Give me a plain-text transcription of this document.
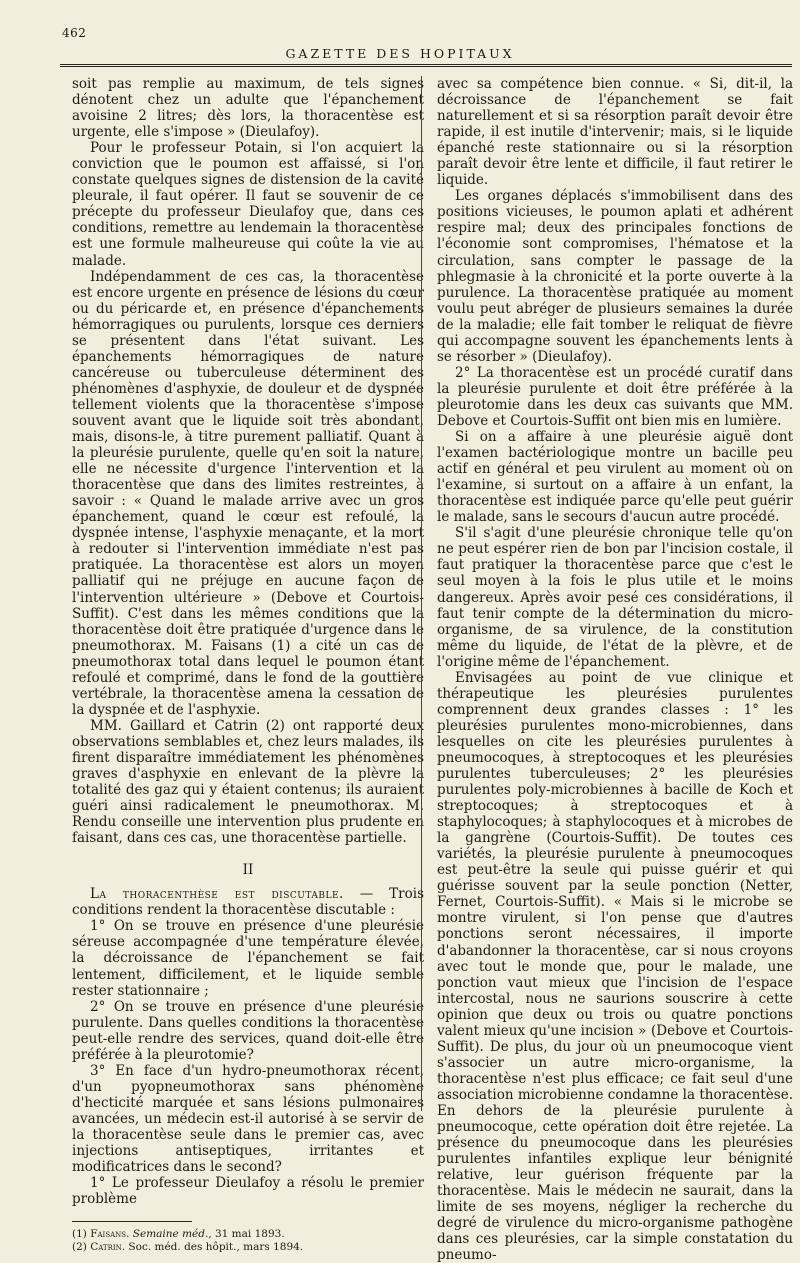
462
GAZETTE DES HOPITAUX

soit pas remplie au maximum, de tels signes dénotent chez un adulte que l'épanchement avoisine 2 litres; dès lors, la thoracentèse est urgente, elle s'impose » (Dieulafoy).

Pour le professeur Potain, si l'on acquiert la conviction que le poumon est affaissé, si l'on constate quelques signes de distension de la cavité pleurale, il faut opérer. Il faut se souvenir de ce précepte du professeur Dieulafoy que, dans ces conditions, remettre au lendemain la thoracentèse est une formule malheureuse qui coûte la vie au malade.

Indépendamment de ces cas, la thoracentèse est encore urgente en présence de lésions du cœur ou du péricarde et, en présence d'épanchements hémorragiques ou purulents, lorsque ces derniers se présentent dans l'état suivant. Les épanchements hémorragiques de nature cancéreuse ou tuberculeuse déterminent des phénomènes d'asphyxie, de douleur et de dyspnée tellement violents que la thoracentèse s'impose souvent avant que le liquide soit très abondant, mais, disons-le, à titre purement palliatif. Quant à la pleurésie purulente, quelle qu'en soit la nature, elle ne nécessite d'urgence l'intervention et la thoracentèse que dans des limites restreintes, à savoir : « Quand le malade arrive avec un gros épanchement, quand le cœur est refoulé, la dyspnée intense, l'asphyxie menaçante, et la mort à redouter si l'intervention immédiate n'est pas pratiquée. La thoracentèse est alors un moyen palliatif qui ne préjuge en aucune façon de l'intervention ultérieure » (Debove et Courtois-Suffit). C'est dans les mêmes conditions que la thoracentèse doit être pratiquée d'urgence dans le pneumothorax. M. Faisans (1) a cité un cas de pneumothorax total dans lequel le poumon étant refoulé et comprimé, dans le fond de la gouttière vertébrale, la thoracentèse amena la cessation de la dyspnée et de l'asphyxie.

MM. Gaillard et Catrin (2) ont rapporté deux observations semblables et, chez leurs malades, ils firent disparaître immédiatement les phénomènes graves d'asphyxie en enlevant de la plèvre la totalité des gaz qui y étaient contenus; ils auraient guéri ainsi radicalement le pneumothorax. M. Rendu conseille une intervention plus prudente en faisant, dans ces cas, une thoracentèse partielle.

II

La thoracenthèse est discutable. — Trois conditions rendent la thoracentèse discutable :

1° On se trouve en présence d'une pleurésie séreuse accompagnée d'une température élevée, la décroissance de l'épanchement se fait lentement, difficilement, et le liquide semble rester stationnaire ;

2° On se trouve en présence d'une pleurésie purulente. Dans quelles conditions la thoracentèse peut-elle rendre des services, quand doit-elle être préférée à la pleurotomie?

3° En face d'un hydro-pneumothorax récent, d'un pyopneumothorax sans phénomène d'hecticité marquée et sans lésions pulmonaires avancées, un médecin est-il autorisé à se servir de la thoracentèse seule dans le premier cas, avec injections antiseptiques, irritantes et modificatrices dans le second?

1° Le professeur Dieulafoy a résolu le premier problème

(1) Faisans. Semaine méd., 31 mai 1893.
(2) Catrin. Soc. méd. des hôpit., mars 1894.

avec sa compétence bien connue. « Si, dit-il, la décroissance de l'épanchement se fait naturellement et si sa résorption paraît devoir être rapide, il est inutile d'intervenir; mais, si le liquide épanché reste stationnaire ou si la résorption paraît devoir être lente et difficile, il faut retirer le liquide.

Les organes déplacés s'immobilisent dans des positions vicieuses, le poumon aplati et adhérent respire mal; deux des principales fonctions de l'économie sont compromises, l'hématose et la circulation, sans compter le passage de la phlegmasie à la chronicité et la porte ouverte à la purulence. La thoracentèse pratiquée au moment voulu peut abréger de plusieurs semaines la durée de la maladie; elle fait tomber le reliquat de fièvre qui accompagne souvent les épanchements lents à se résorber » (Dieulafoy).

2° La thoracentèse est un procédé curatif dans la pleurésie purulente et doit être préférée à la pleurotomie dans les deux cas suivants que MM. Debove et Courtois-Suffit ont bien mis en lumière.

Si on a affaire à une pleurésie aiguë dont l'examen bactériologique montre un bacille peu actif en général et peu virulent au moment où on l'examine, si surtout on a affaire à un enfant, la thoracentèse est indiquée parce qu'elle peut guérir le malade, sans le secours d'aucun autre procédé.

S'il s'agit d'une pleurésie chronique telle qu'on ne peut espérer rien de bon par l'incision costale, il faut pratiquer la thoracentèse parce que c'est le seul moyen à la fois le plus utile et le moins dangereux. Après avoir pesé ces considérations, il faut tenir compte de la détermination du micro-organisme, de sa virulence, de la constitution même du liquide, de l'état de la plèvre, et de l'origine même de l'épanchement.

Envisagées au point de vue clinique et thérapeutique les pleurésies purulentes comprennent deux grandes classes : 1° les pleurésies purulentes mono-microbiennes, dans lesquelles on cite les pleurésies purulentes à pneumocoques, à streptocoques et les pleurésies purulentes tuberculeuses; 2° les pleurésies purulentes poly-microbiennes à bacille de Koch et streptocoques; à streptocoques et à staphylocoques; à staphylocoques et à microbes de la gangrène (Courtois-Suffit). De toutes ces variétés, la pleurésie purulente à pneumocoques est peut-être la seule qui puisse guérir et qui guérisse souvent par la seule ponction (Netter, Fernet, Courtois-Suffit). « Mais si le microbe se montre virulent, si l'on pense que d'autres ponctions seront nécessaires, il importe d'abandonner la thoracentèse, car si nous croyons avec tout le monde que, pour le malade, une ponction vaut mieux que l'incision de l'espace intercostal, nous ne saurions souscrire à cette opinion que deux ou trois ou quatre ponctions valent mieux qu'une incision » (Debove et Courtois-Suffit). De plus, du jour où un pneumocoque vient s'associer un autre micro-organisme, la thoracentèse n'est plus efficace; ce fait seul d'une association microbienne condamne la thoracentèse. En dehors de la pleurésie purulente à pneumocoque, cette opération doit être rejetée. La présence du pneumocoque dans les pleurésies purulentes infantiles explique leur bénignité relative, leur guérison fréquente par la thoracentèse. Mais le médecin ne saurait, dans la limite de ses moyens, négliger la recherche du degré de virulence du micro-organisme pathogène dans ces pleurésies, car la simple constatation du pneumo-
